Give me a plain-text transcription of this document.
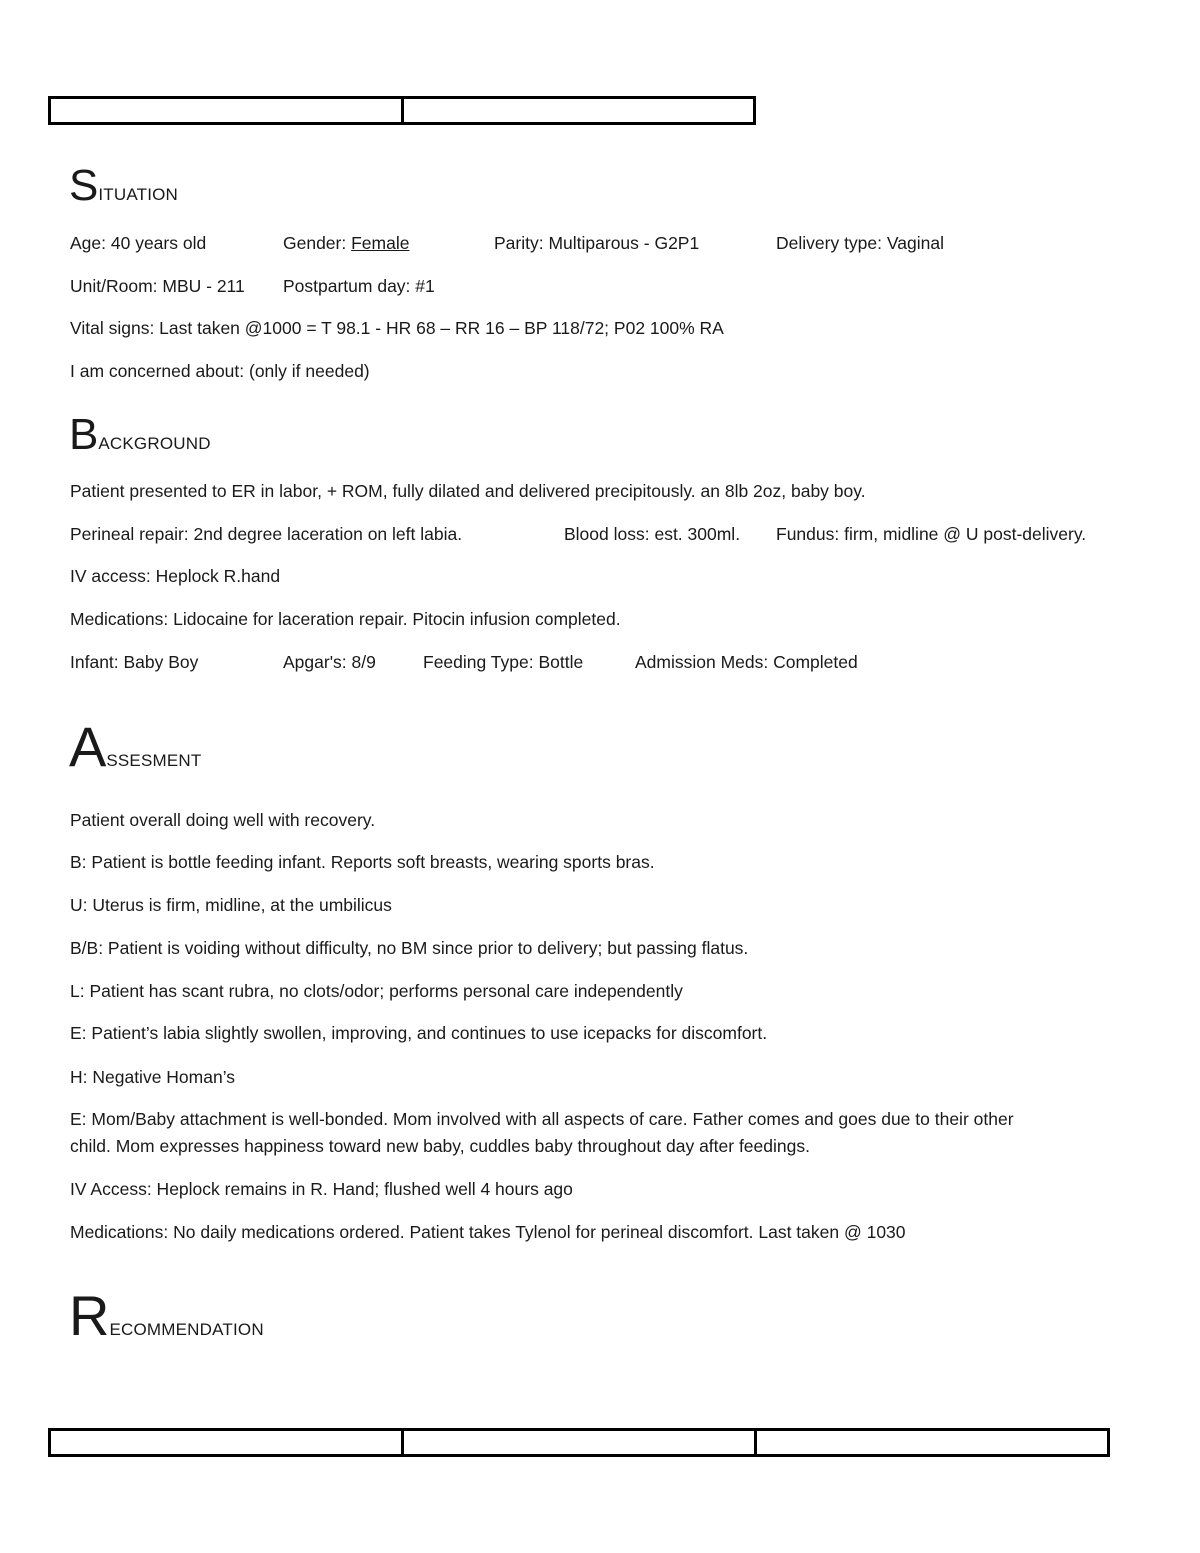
SITUATION
Age: 40 years old	Gender: Female	Parity: Multiparous - G2P1	Delivery type: Vaginal
Unit/Room: MBU - 211 Postpartum day: #1
Vital signs: Last taken @1000 = T 98.1 - HR 68 – RR 16 – BP 118/72; P02 100% RA
I am concerned about: (only if needed)
BACKGROUND
Patient presented to ER in labor, + ROM, fully dilated and delivered precipitously. an 8lb 2oz, baby boy.
Perineal repair: 2nd degree laceration on left labia.	Blood loss: est. 300ml. Fundus: firm, midline @ U post-delivery.
IV access: Heplock R.hand
Medications: Lidocaine for laceration repair. Pitocin infusion completed.
Infant: Baby Boy	Apgar's: 8/9	Feeding Type: Bottle	Admission Meds: Completed
ASSESMENT
Patient overall doing well with recovery.
B: Patient is bottle feeding infant. Reports soft breasts, wearing sports bras.
U: Uterus is firm, midline, at the umbilicus
B/B: Patient is voiding without difficulty, no BM since prior to delivery; but passing flatus.
L: Patient has scant rubra, no clots/odor; performs personal care independently
E: Patient’s labia slightly swollen, improving, and continues to use icepacks for discomfort.
H: Negative Homan’s
E: Mom/Baby attachment is well-bonded. Mom involved with all aspects of care. Father comes and goes due to their other
child. Mom expresses happiness toward new baby, cuddles baby throughout day after feedings.
IV Access: Heplock remains in R. Hand; flushed well 4 hours ago
Medications: No daily medications ordered. Patient takes Tylenol for perineal discomfort. Last taken @ 1030
RECOMMENDATION
